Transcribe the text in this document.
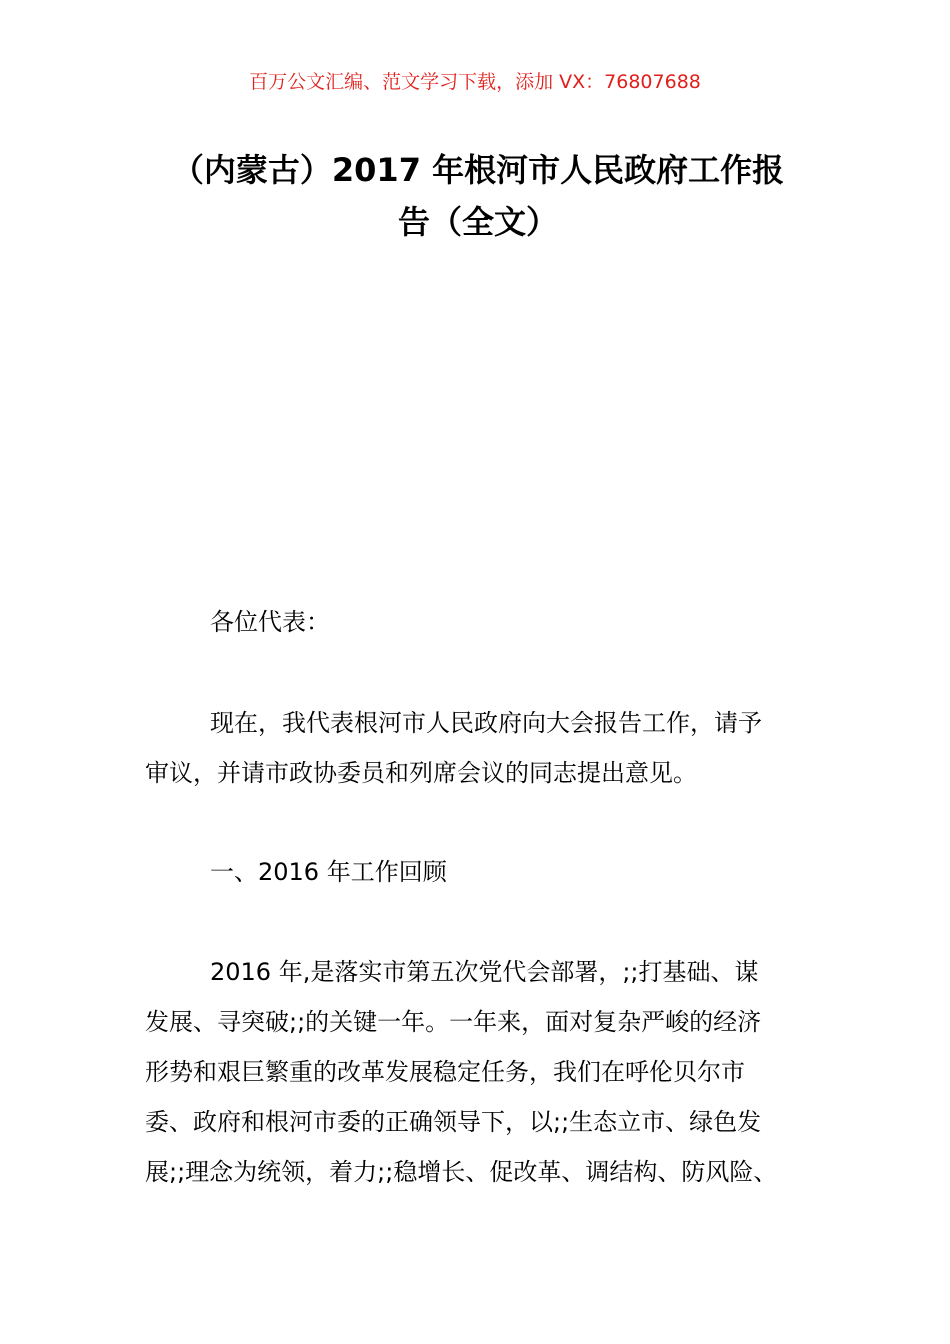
百万公文汇编、范文学习下载，添加 VX：76807688
（内蒙古）2017 年根河市人民政府工作报
告（全文）
各位代表：
现在，我代表根河市人民政府向大会报告工作，请予
审议，并请市政协委员和列席会议的同志提出意见。
一、2016 年工作回顾
2016 年,是落实市第五次党代会部署，;;打基础、谋
发展、寻突破;;的关键一年。一年来，面对复杂严峻的经济
形势和艰巨繁重的改革发展稳定任务，我们在呼伦贝尔市
委、政府和根河市委的正确领导下，以;;生态立市、绿色发
展;;理念为统领，着力;;稳增长、促改革、调结构、防风险、
